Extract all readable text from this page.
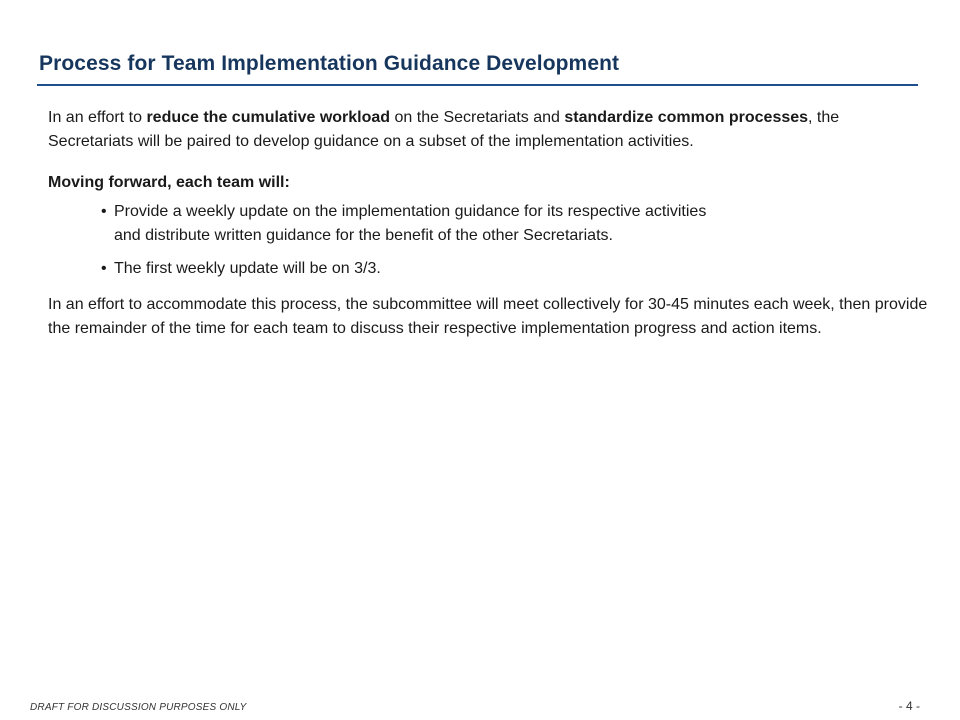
Process for Team Implementation Guidance Development

In an effort to reduce the cumulative workload on the Secretariats and standardize common processes, the Secretariats will be paired to develop guidance on a subset of the implementation activities.

Moving forward, each team will:

• Provide a weekly update on the implementation guidance for its respective activities
and distribute written guidance for the benefit of the other Secretariats.
• The first weekly update will be on 3/3.

In an effort to accommodate this process, the subcommittee will meet collectively for 30-45 minutes each week, then provide the remainder of the time for each team to discuss their respective implementation progress and action items.

DRAFT FOR DISCUSSION PURPOSES ONLY	- 4 -
